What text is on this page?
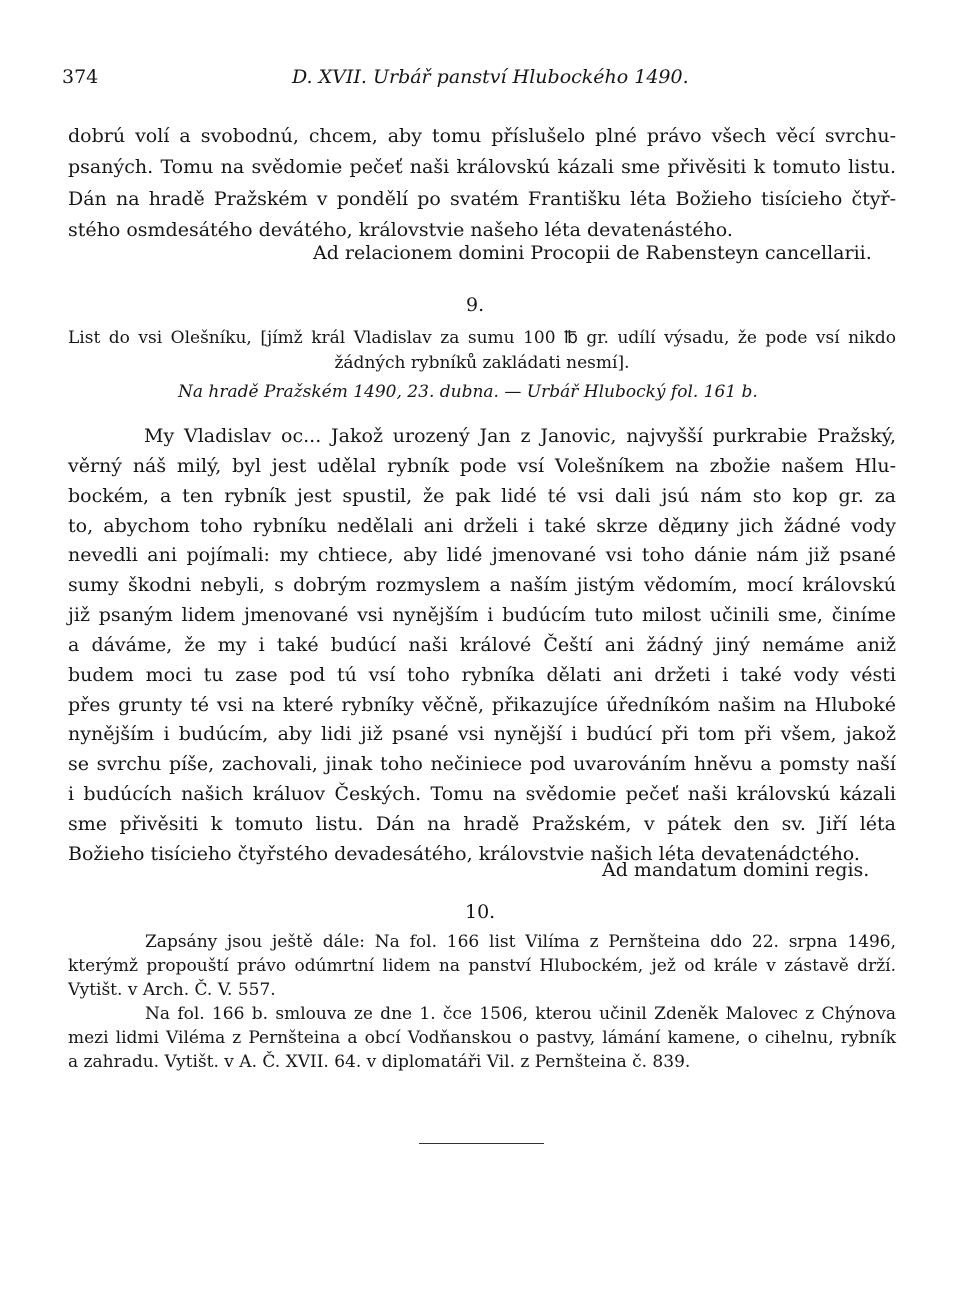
374	D. XVII. Urbář panství Hlubockého 1490.
dobrú volí a svobodnú, chcem, aby tomu příslušelo plné právo všech věcí svrchu-
psaných. Tomu na svědomie pečeť naši královskú kázali sme přivěsiti k tomuto listu.
Dán na hradě Pražském v pondělí po svatém Františku léta Božieho tisícieho čtyř-
stého osmdesátého devátého, královstvie našeho léta devatenástého.
Ad relacionem domini Procopii de Rabensteyn cancellarii.
9.
List do vsi Olešníku, [jímž král Vladislav za sumu 100 ℔ gr. udílí výsadu, že pode vsí nikdo
žádných rybníků zakládati nesmí].
Na hradě Pražském 1490, 23. dubna. — Urbář Hlubocký fol. 161 b.
My Vladislav oc... Jakož urozený Jan z Janovic, najvyšší purkrabie Pražský,
věrný náš milý, byl jest udělal rybník pode vsí Volešníkem na zbožie našem Hlu-
bockém, a ten rybník jest spustil, že pak lidé té vsi dali jsú nám sto kop gr. za
to, abychom toho rybníku nedělali ani drželi i také skrze děдиny jich žádné vody
nevedli ani pojímali: my chtiece, aby lidé jmenované vsi toho dánie nám již psané
sumy škodni nebyli, s dobrým rozmyslem a naším jistým vědomím, mocí královskú
již psaným lidem jmenované vsi nynějším i budúcím tuto milost učinili sme, činíme
a dáváme, že my i také budúcí naši králové Čeští ani žádný jiný nemáme aniž
budem moci tu zase pod tú vsí toho rybníka dělati ani držeti i také vody vésti
přes grunty té vsi na které rybníky věčně, přikazujíce úředníkóm našim na Hluboké
nynějším i budúcím, aby lidi již psané vsi nynější i budúcí při tom při všem, jakož
se svrchu píše, zachovali, jinak toho nečiniece pod uvarováním hněvu a pomsty naší
i budúcích našich králuov Českých. Tomu na svědomie pečeť naši královskú kázali
sme přivěsiti k tomuto listu. Dán na hradě Pražském, v pátek den sv. Jiří léta
Božieho tisícieho čtyřstého devadesátého, královstvie našich léta devatenádctého.
Ad mandatum domini regis.
10.
Zapsány jsou ještě dále: Na fol. 166 list Vilíma z Pernšteina ddo 22. srpna 1496,
kterýmž propouští právo odúmrtní lidem na panství Hlubockém, jež od krále v zástavě drží.
Vytišt. v Arch. Č. V. 557.
Na fol. 166 b. smlouva ze dne 1. čce 1506, kterou učinil Zdeněk Malovec z Chýnova
mezi lidmi Viléma z Pernšteina a obcí Vodňanskou o pastvy, lámání kamene, o cihelnu, rybník
a zahradu. Vytišt. v A. Č. XVII. 64. v diplomatáři Vil. z Pernšteina č. 839.
